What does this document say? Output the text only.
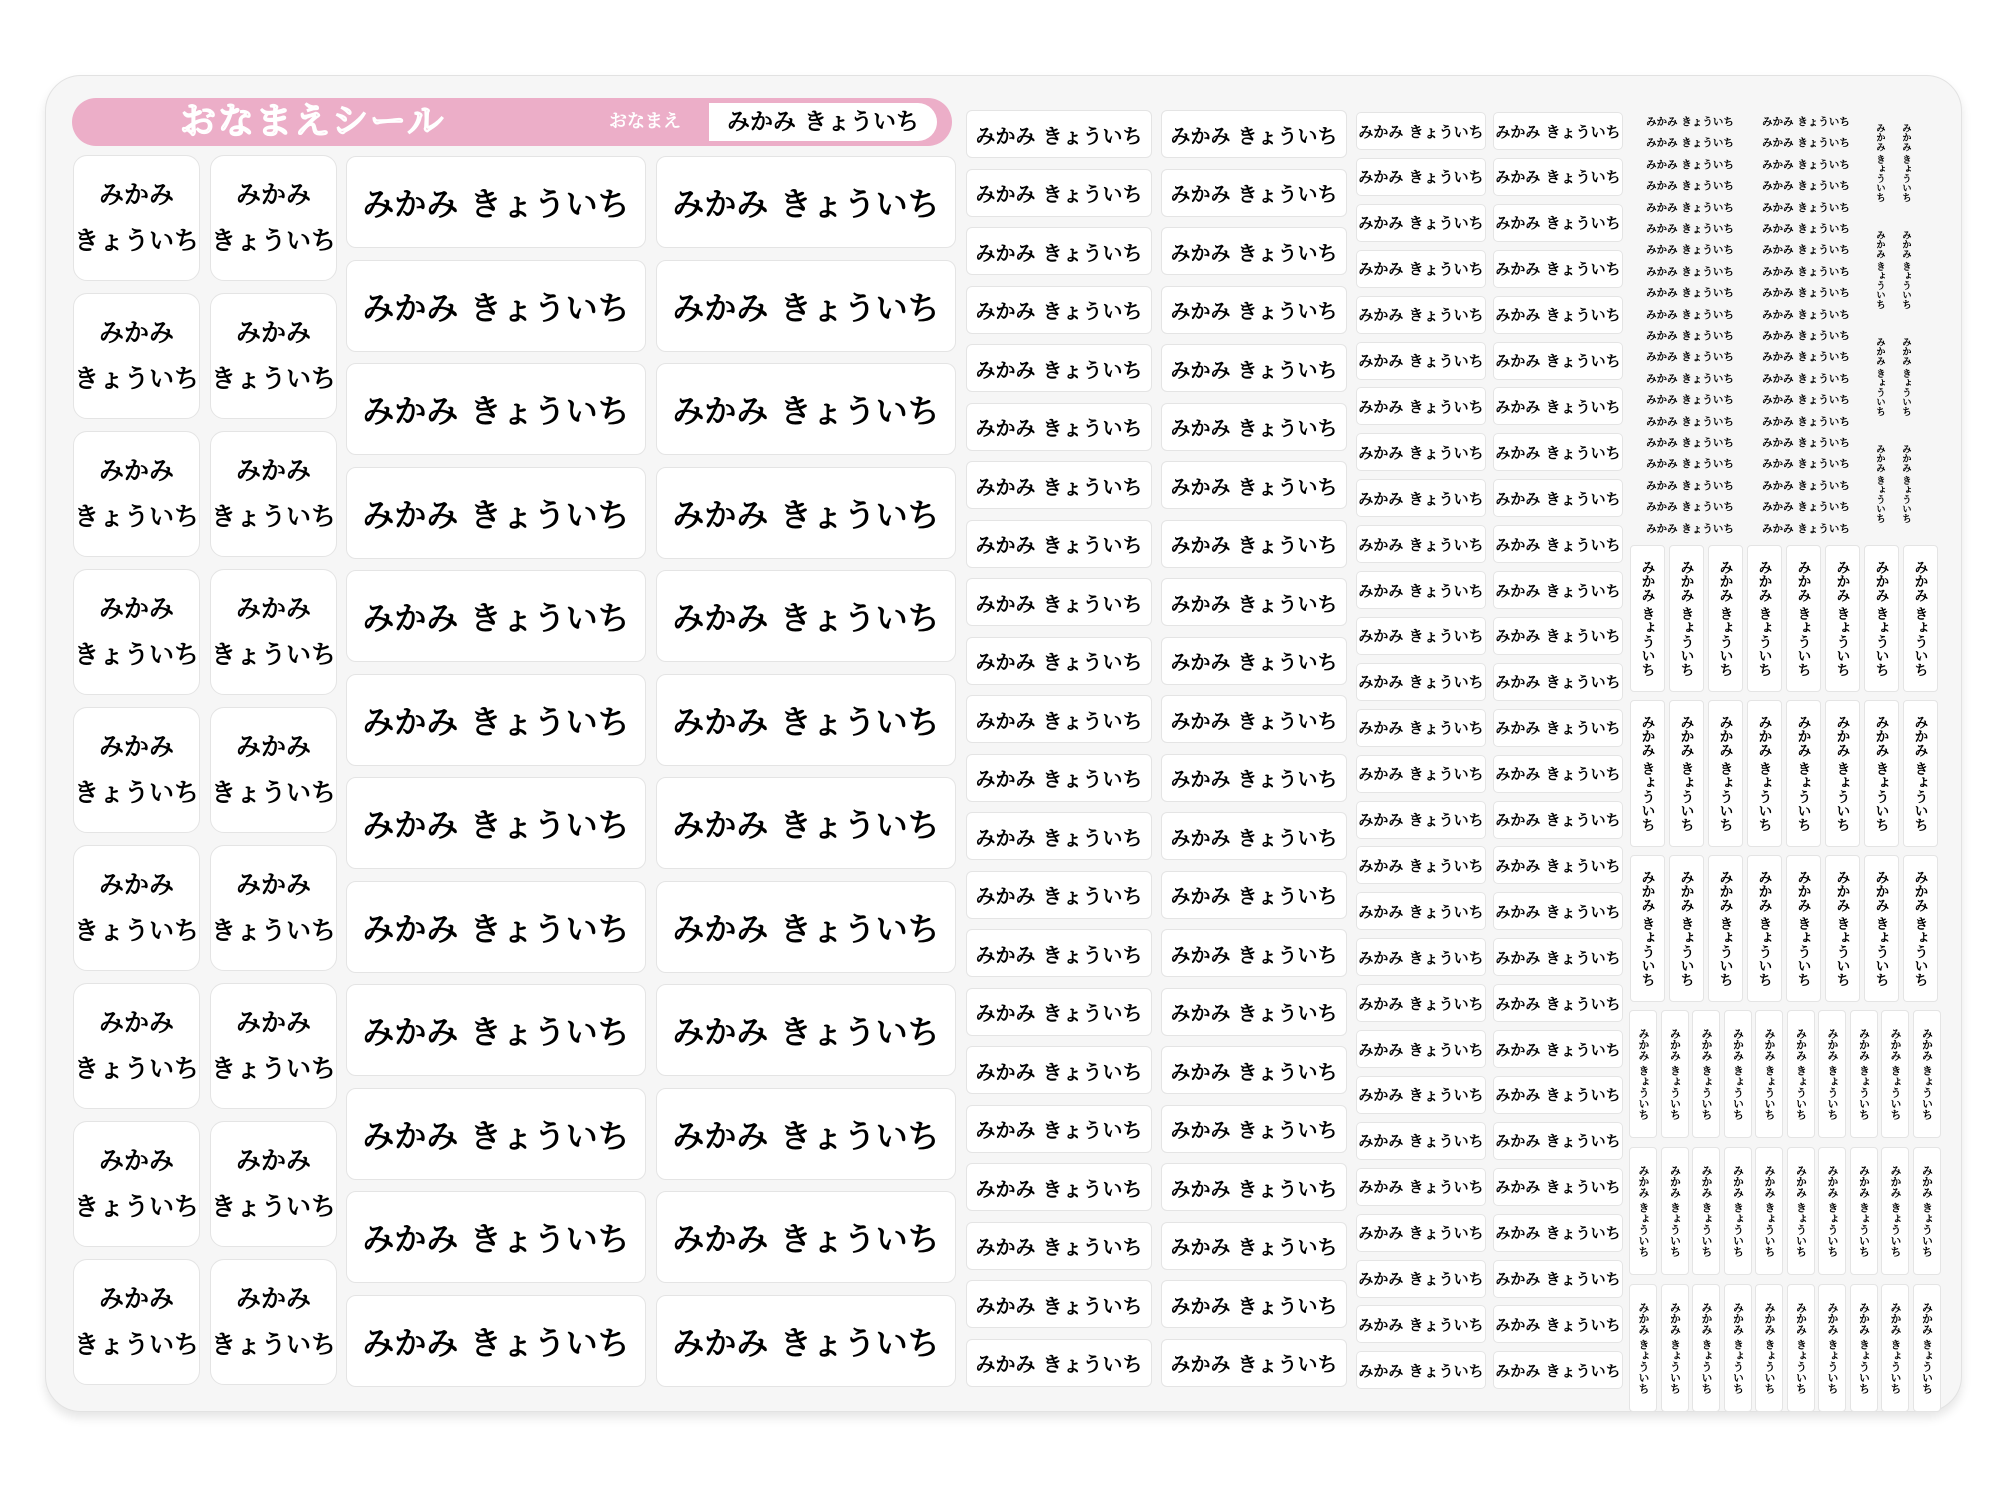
おなまえシール	おなまえ	みかみ きょういち
みかみ
きょういち
みかみ
きょういち
みかみ
きょういち
みかみ
きょういち
みかみ
きょういち
みかみ
きょういち
みかみ
きょういち
みかみ
きょういち
みかみ
きょういち
みかみ
きょういち
みかみ
きょういち
みかみ
きょういち
みかみ
きょういち
みかみ
きょういち
みかみ
きょういち
みかみ
きょういち
みかみ
きょういち
みかみ
きょういち
みかみ きょういち
みかみ きょういち
みかみ きょういち
みかみ きょういち
みかみ きょういち
みかみ きょういち
みかみ きょういち
みかみ きょういち
みかみ きょういち
みかみ きょういち
みかみ きょういち
みかみ きょういち
みかみ きょういち
みかみ きょういち
みかみ きょういち
みかみ きょういち
みかみ きょういち
みかみ きょういち
みかみ きょういち
みかみ きょういち
みかみ きょういち
みかみ きょういち
みかみ きょういち
みかみ きょういち
みかみ きょういち
みかみ きょういち
みかみ きょういち
みかみ きょういち
みかみ きょういち
みかみ きょういち
みかみ きょういち
みかみ きょういち
みかみ きょういち
みかみ きょういち
みかみ きょういち
みかみ きょういち
みかみ きょういち
みかみ きょういち
みかみ きょういち
みかみ きょういち
みかみ きょういち
みかみ きょういち
みかみ きょういち
みかみ きょういち
みかみ きょういち
みかみ きょういち
みかみ きょういち
みかみ きょういち
みかみ きょういち
みかみ きょういち
みかみ きょういち
みかみ きょういち
みかみ きょういち
みかみ きょういち
みかみ きょういち
みかみ きょういち
みかみ きょういち
みかみ きょういち
みかみ きょういち
みかみ きょういち
みかみ きょういち
みかみ きょういち
みかみ きょういち
みかみ きょういち
みかみ きょういち
みかみ きょういち
みかみ きょういち
みかみ きょういち
みかみ きょういち
みかみ きょういち
みかみ きょういち
みかみ きょういち
みかみ きょういち
みかみ きょういち
みかみ きょういち
みかみ きょういち
みかみ きょういち
みかみ きょういち
みかみ きょういち
みかみ きょういち
みかみ きょういち
みかみ きょういち
みかみ きょういち
みかみ きょういち
みかみ きょういち
みかみ きょういち
みかみ きょういち
みかみ きょういち
みかみ きょういち
みかみ きょういち
みかみ きょういち
みかみ きょういち
みかみ きょういち
みかみ きょういち
みかみ きょういち
みかみ きょういち
みかみ きょういち
みかみ きょういち
みかみ きょういち
みかみ きょういち
みかみ きょういち
みかみ きょういち
みかみ きょういち
みかみ きょういち
みかみ きょういち
みかみ きょういち
みかみ きょういち
みかみ きょういち
みかみ きょういち
みかみ きょういち
みかみ きょういち
みかみ きょういち
みかみ きょういち
みかみ きょういち
みかみ きょういち
みかみ きょういち
みかみ きょういち
みかみ きょういち
みかみ きょういち
みかみ きょういち
みかみ きょういち
みかみ きょういち
みかみ きょういち
みかみ きょういち
みかみ きょういち
みかみ きょういち
みかみ きょういち
みかみ きょういち
みかみ きょういち
みかみ きょういち
みかみ きょういち
みかみ きょういち
みかみ きょういち
みかみ きょういち
みかみ きょういち
みかみ きょういち
みかみ きょういち
みかみ きょういち
みかみ きょういち
みかみ きょういち
みかみ きょういち
みかみ きょういち
みかみ きょういち
みかみ きょういち
みかみ きょういち
みかみ きょういち
みかみ きょういち
みかみ きょういち
みかみ きょういち
みかみ きょういち
みかみ きょういち
みかみ きょういち
みかみ きょういち
みかみ きょういち
みかみ きょういち
みかみ きょういち
みかみ きょういち
みかみ きょういち
みかみ きょういち
みかみ きょういち
みかみ きょういち
みかみ きょういち
みかみ きょういち
みかみ きょういち
みかみ きょういち
みかみ きょういち
みかみ きょういち
みかみ きょういち
みかみ きょういち
みかみ きょういち
みかみ きょういち
みかみ きょういち
みかみ きょういち みかみ きょういち みかみ きょういち みかみ きょういち みかみ きょういち みかみ きょういち みかみ きょういち みかみ きょういち
みかみ きょういち みかみ きょういち みかみ きょういち みかみ きょういち みかみ きょういち みかみ きょういち みかみ きょういち みかみ きょういち
みかみ きょういち みかみ きょういち みかみ きょういち みかみ きょういち みかみ きょういち みかみ きょういち みかみ きょういち みかみ きょういち
みかみ きょういち みかみ きょういち みかみ きょういち みかみ きょういち みかみ きょういち みかみ きょういち みかみ きょういち みかみ きょういち みかみ きょういち みかみ きょういち
みかみ きょういち みかみ きょういち みかみ きょういち みかみ きょういち みかみ きょういち みかみ きょういち みかみ きょういち みかみ きょういち みかみ きょういち みかみ きょういち
みかみ きょういち みかみ きょういち みかみ きょういち みかみ きょういち みかみ きょういち みかみ きょういち みかみ きょういち みかみ きょういち みかみ きょういち みかみ きょういち
